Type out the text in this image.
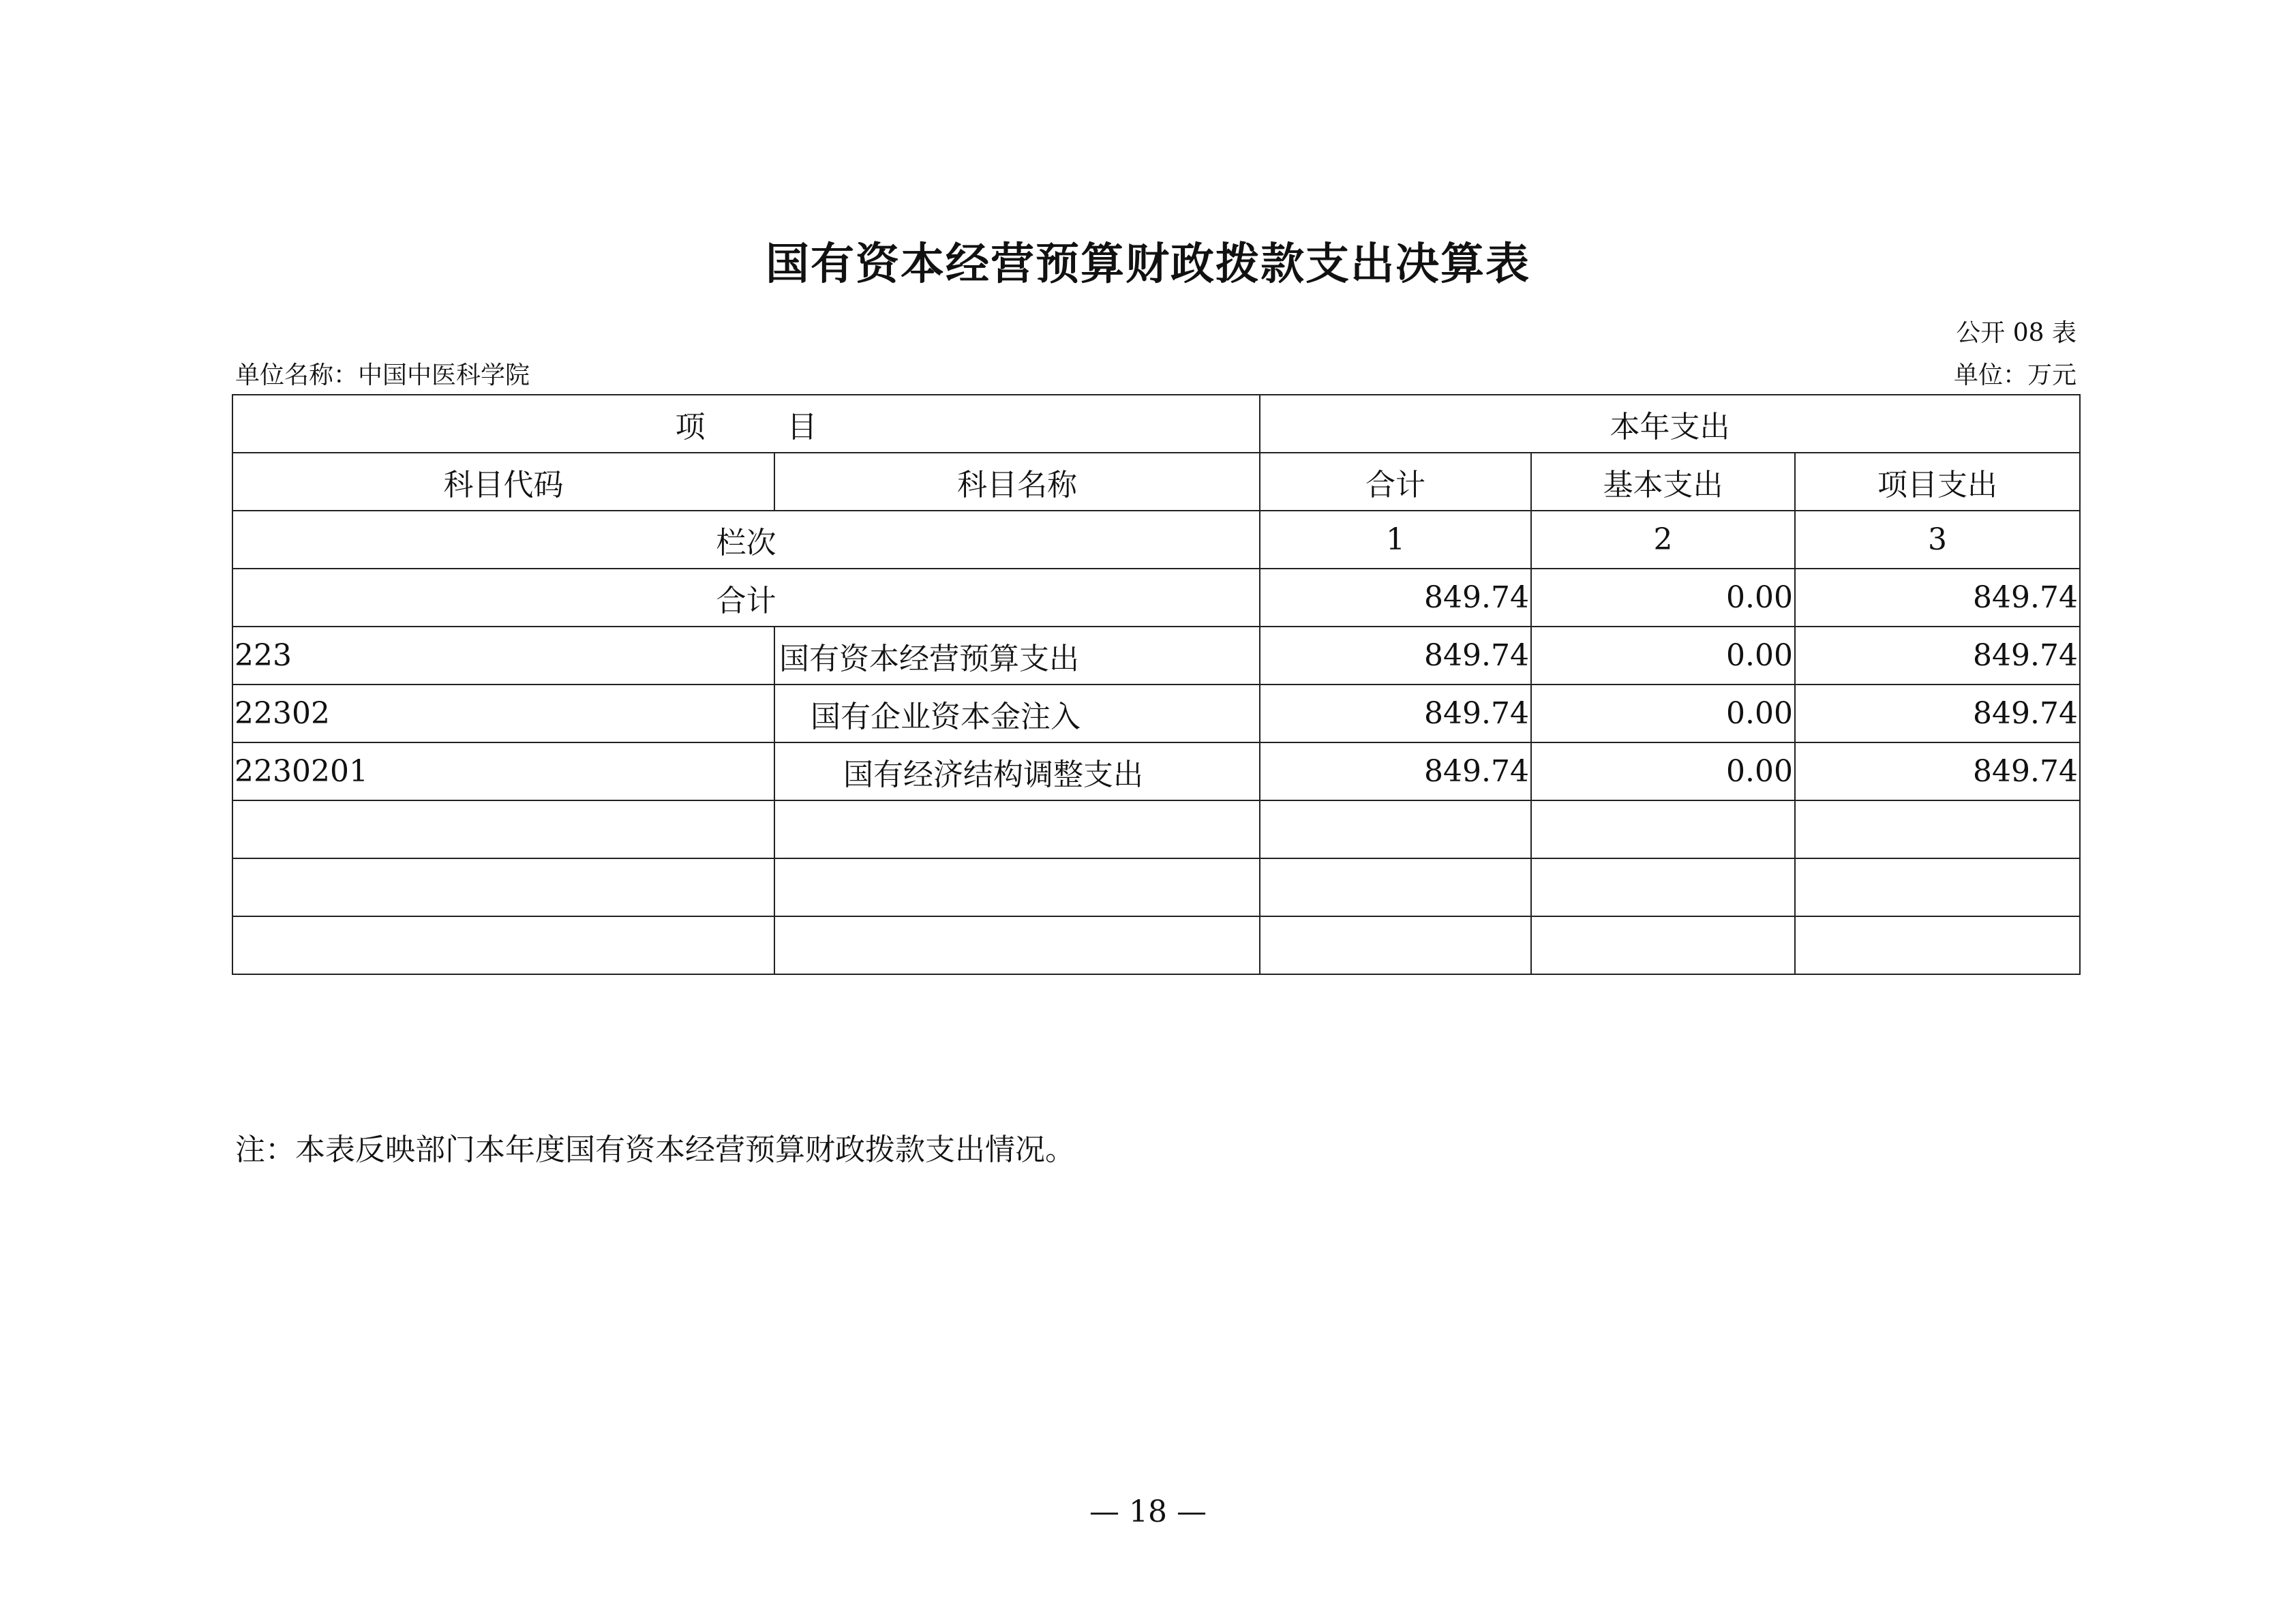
国有资本经营预算财政拨款支出决算表
公开 08 表
单位名称：中国中医科学院	单位：万元
项 目		本年支出		
科目代码	科目名称	合计	基本支出	项目支出
栏次		1	2	3
合计		849.74	0.00	849.74
223	国有资本经营预算支出	849.74	0.00	849.74
22302	国有企业资本金注入	849.74	0.00	849.74
2230201	国有经济结构调整支出	849.74	0.00	849.74

注：本表反映部门本年度国有资本经营预算财政拨款支出情况。
— 18 —
